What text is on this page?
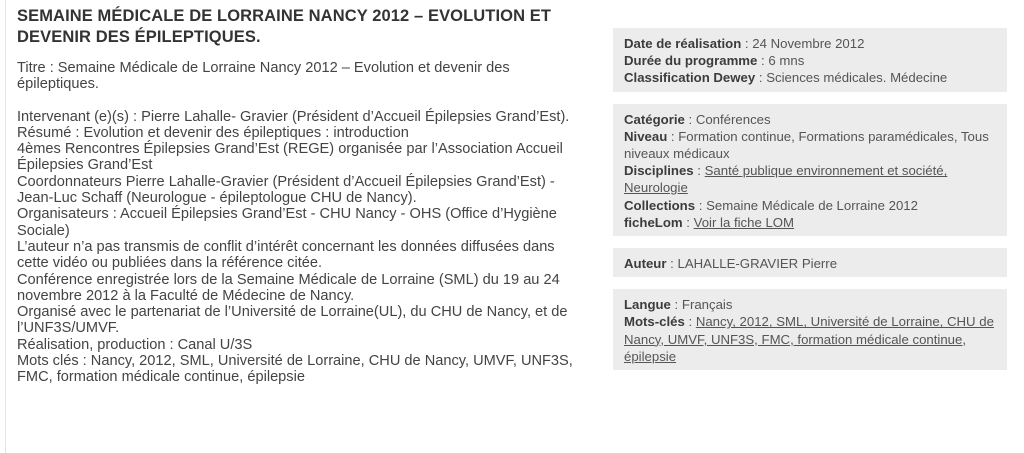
SEMAINE MÉDICALE DE LORRAINE NANCY 2012 – EVOLUTION ET DEVENIR DES ÉPILEPTIQUES.

Titre : Semaine Médicale de Lorraine Nancy 2012 – Evolution et devenir des épileptiques.

Intervenant (e)(s) : Pierre Lahalle- Gravier (Président d’Accueil Épilepsies Grand’Est).

Résumé : Evolution et devenir des épileptiques : introduction

4èmes Rencontres Épilepsies Grand’Est (REGE) organisée par l’Association Accueil Épilepsies Grand’Est

Coordonnateurs Pierre Lahalle-Gravier (Président d’Accueil Épilepsies Grand’Est) - Jean-Luc Schaff (Neurologue - épileptologue CHU de Nancy).

Organisateurs : Accueil Épilepsies Grand’Est - CHU Nancy - OHS (Office d’Hygiène Sociale)

L’auteur n’a pas transmis de conflit d’intérêt concernant les données diffusées dans cette vidéo ou publiées dans la référence citée.

Conférence enregistrée lors de la Semaine Médicale de Lorraine (SML) du 19 au 24 novembre 2012 à la Faculté de Médecine de Nancy.

Organisé avec le partenariat de l’Université de Lorraine(UL), du CHU de Nancy, et de l’UNF3S/UMVF.

Réalisation, production : Canal U/3S

Mots clés : Nancy, 2012, SML, Université de Lorraine, CHU de Nancy, UMVF, UNF3S, FMC, formation médicale continue, épilepsie

Date de réalisation : 24 Novembre 2012

Durée du programme : 6 mns

Classification Dewey : Sciences médicales. Médecine

Catégorie : Conférences

Niveau : Formation continue, Formations paramédicales, Tous niveaux médicaux

Disciplines : Santé publique environnement et société, Neurologie

Collections : Semaine Médicale de Lorraine 2012

ficheLom : Voir la fiche LOM

Auteur : LAHALLE-GRAVIER Pierre

Langue : Français

Mots-clés : Nancy, 2012, SML, Université de Lorraine, CHU de Nancy, UMVF, UNF3S, FMC, formation médicale continue, épilepsie
